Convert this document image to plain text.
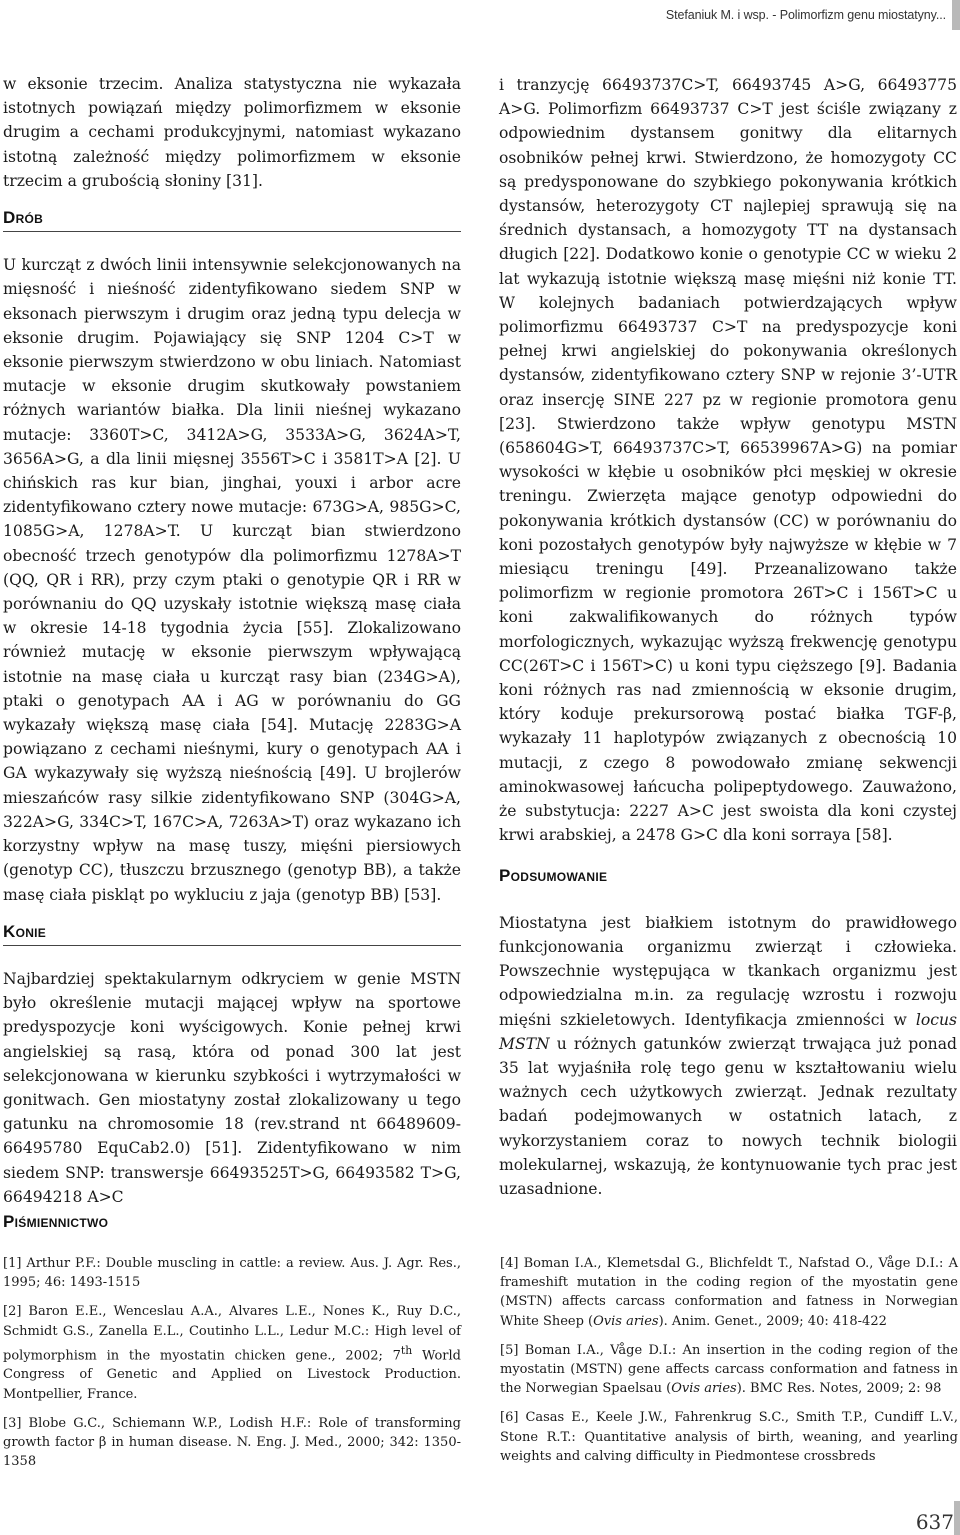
Stefaniuk M. i wsp. - Polimorfizm genu miostatyny...

w eksonie trzecim. Analiza statystyczna nie wykazała istotnych powiązań między polimorfizmem w eksonie drugim a cechami produkcyjnymi, natomiast wykazano istotną zależność między polimorfizmem w eksonie trzecim a grubością słoniny [31].

Drób

U kurcząt z dwóch linii intensywnie selekcjonowanych na mięsność i nieśność zidentyfikowano siedem SNP w eksonach pierwszym i drugim oraz jedną typu delecja w eksonie drugim. Pojawiający się SNP 1204 C>T w eksonie pierwszym stwierdzono w obu liniach. Natomiast mutacje w eksonie drugim skutkowały powstaniem różnych wariantów białka. Dla linii nieśnej wykazano mutacje: 3360T>C, 3412A>G, 3533A>G, 3624A>T, 3656A>G, a dla linii mięsnej 3556T>C i 3581T>A [2]. U chińskich ras kur bian, jinghai, youxi i arbor acre zidentyfikowano cztery nowe mutacje: 673G>A, 985G>C, 1085G>A, 1278A>T. U kurcząt bian stwierdzono obecność trzech genotypów dla polimorfizmu 1278A>T (QQ, QR i RR), przy czym ptaki o genotypie QR i RR w porównaniu do QQ uzyskały istotnie większą masę ciała w okresie 14-18 tygodnia życia [55]. Zlokalizowano również mutację w eksonie pierwszym wpływającą istotnie na masę ciała u kurcząt rasy bian (234G>A), ptaki o genotypach AA i AG w porównaniu do GG wykazały większą masę ciała [54]. Mutację 2283G>A powiązano z cechami nieśnymi, kury o genotypach AA i GA wykazywały się wyższą nieśnością [49]. U brojlerów mieszańców rasy silkie zidentyfikowano SNP (304G>A, 322A>G, 334C>T, 167C>A, 7263A>T) oraz wykazano ich korzystny wpływ na masę tuszy, mięśni piersiowych (genotyp CC), tłuszczu brzusznego (genotyp BB), a także masę ciała piskląt po wykluciu z jaja (genotyp BB) [53].

Konie

Najbardziej spektakularnym odkryciem w genie MSTN było określenie mutacji mającej wpływ na sportowe predyspozycje koni wyścigowych. Konie pełnej krwi angielskiej są rasą, która od ponad 300 lat jest selekcjonowana w kierunku szybkości i wytrzymałości w gonitwach. Gen miostatyny został zlokalizowany u tego gatunku na chromosomie 18 (rev.strand nt 66489609-66495780 EquCab2.0) [51]. Zidentyfikowano w nim siedem SNP: transwersje 66493525T>G, 66493582 T>G, 66494218 A>C

i tranzycję 66493737C>T, 66493745 A>G, 66493775 A>G. Polimorfizm 66493737 C>T jest ściśle związany z odpowiednim dystansem gonitwy dla elitarnych osobników pełnej krwi. Stwierdzono, że homozygoty CC są predysponowane do szybkiego pokonywania krótkich dystansów, heterozygoty CT najlepiej sprawują się na średnich dystansach, a homozygoty TT na dystansach długich [22]. Dodatkowo konie o genotypie CC w wieku 2 lat wykazują istotnie większą masę mięśni niż konie TT. W kolejnych badaniach potwierdzających wpływ polimorfizmu 66493737 C>T na predyspozycje koni pełnej krwi angielskiej do pokonywania określonych dystansów, zidentyfikowano cztery SNP w rejonie 3’-UTR oraz insercję SINE 227 pz w regionie promotora genu [23]. Stwierdzono także wpływ genotypu MSTN (658604G>T, 66493737C>T, 66539967A>G) na pomiar wysokości w kłębie u osobników płci męskiej w okresie treningu. Zwierzęta mające genotyp odpowiedni do pokonywania krótkich dystansów (CC) w porównaniu do koni pozostałych genotypów były najwyższe w kłębie w 7 miesiącu treningu [49]. Przeanalizowano także polimorfizm w regionie promotora 26T>C i 156T>C u koni zakwalifikowanych do różnych typów morfologicznych, wykazując wyższą frekwencję genotypu CC(26T>C i 156T>C) u koni typu cięższego [9]. Badania koni różnych ras nad zmiennością w eksonie drugim, który koduje prekursorową postać białka TGF-β, wykazały 11 haplotypów związanych z obecnością 10 mutacji, z czego 8 powodowało zmianę sekwencji aminokwasowej łańcucha polipeptydowego. Zauważono, że substytucja: 2227 A>C jest swoista dla koni czystej krwi arabskiej, a 2478 G>C dla koni sorraya [58].

Podsumowanie

Miostatyna jest białkiem istotnym do prawidłowego funkcjonowania organizmu zwierząt i człowieka. Powszechnie występująca w tkankach organizmu jest odpowiedzialna m.in. za regulację wzrostu i rozwoju mięśni szkieletowych. Identyfikacja zmienności w locus MSTN u różnych gatunków zwierząt trwająca już ponad 35 lat wyjaśniła rolę tego genu w kształtowaniu wielu ważnych cech użytkowych zwierząt. Jednak rezultaty badań podejmowanych w ostatnich latach, z wykorzystaniem coraz to nowych technik biologii molekularnej, wskazują, że kontynuowanie tych prac jest uzasadnione.

Piśmiennictwo

[1] Arthur P.F.: Double muscling in cattle: a review. Aus. J. Agr. Res., 1995; 46: 1493-1515

[2] Baron E.E., Wenceslau A.A., Alvares L.E., Nones K., Ruy D.C., Schmidt G.S., Zanella E.L., Coutinho L.L., Ledur M.C.: High level of polymorphism in the myostatin chicken gene., 2002; 7th World Congress of Genetic and Applied on Livestock Production. Montpellier, France.

[3] Blobe G.C., Schiemann W.P., Lodish H.F.: Role of transforming growth factor β in human disease. N. Eng. J. Med., 2000; 342: 1350-1358

[4] Boman I.A., Klemetsdal G., Blichfeldt T., Nafstad O., Våge D.I.: A frameshift mutation in the coding region of the myostatin gene (MSTN) affects carcass conformation and fatness in Norwegian White Sheep (Ovis aries). Anim. Genet., 2009; 40: 418-422

[5] Boman I.A., Våge D.I.: An insertion in the coding region of the myostatin (MSTN) gene affects carcass conformation and fatness in the Norwegian Spaelsau (Ovis aries). BMC Res. Notes, 2009; 2: 98

[6] Casas E., Keele J.W., Fahrenkrug S.C., Smith T.P., Cundiff L.V., Stone R.T.: Quantitative analysis of birth, weaning, and yearling weights and calving difficulty in Piedmontese crossbreds

637
